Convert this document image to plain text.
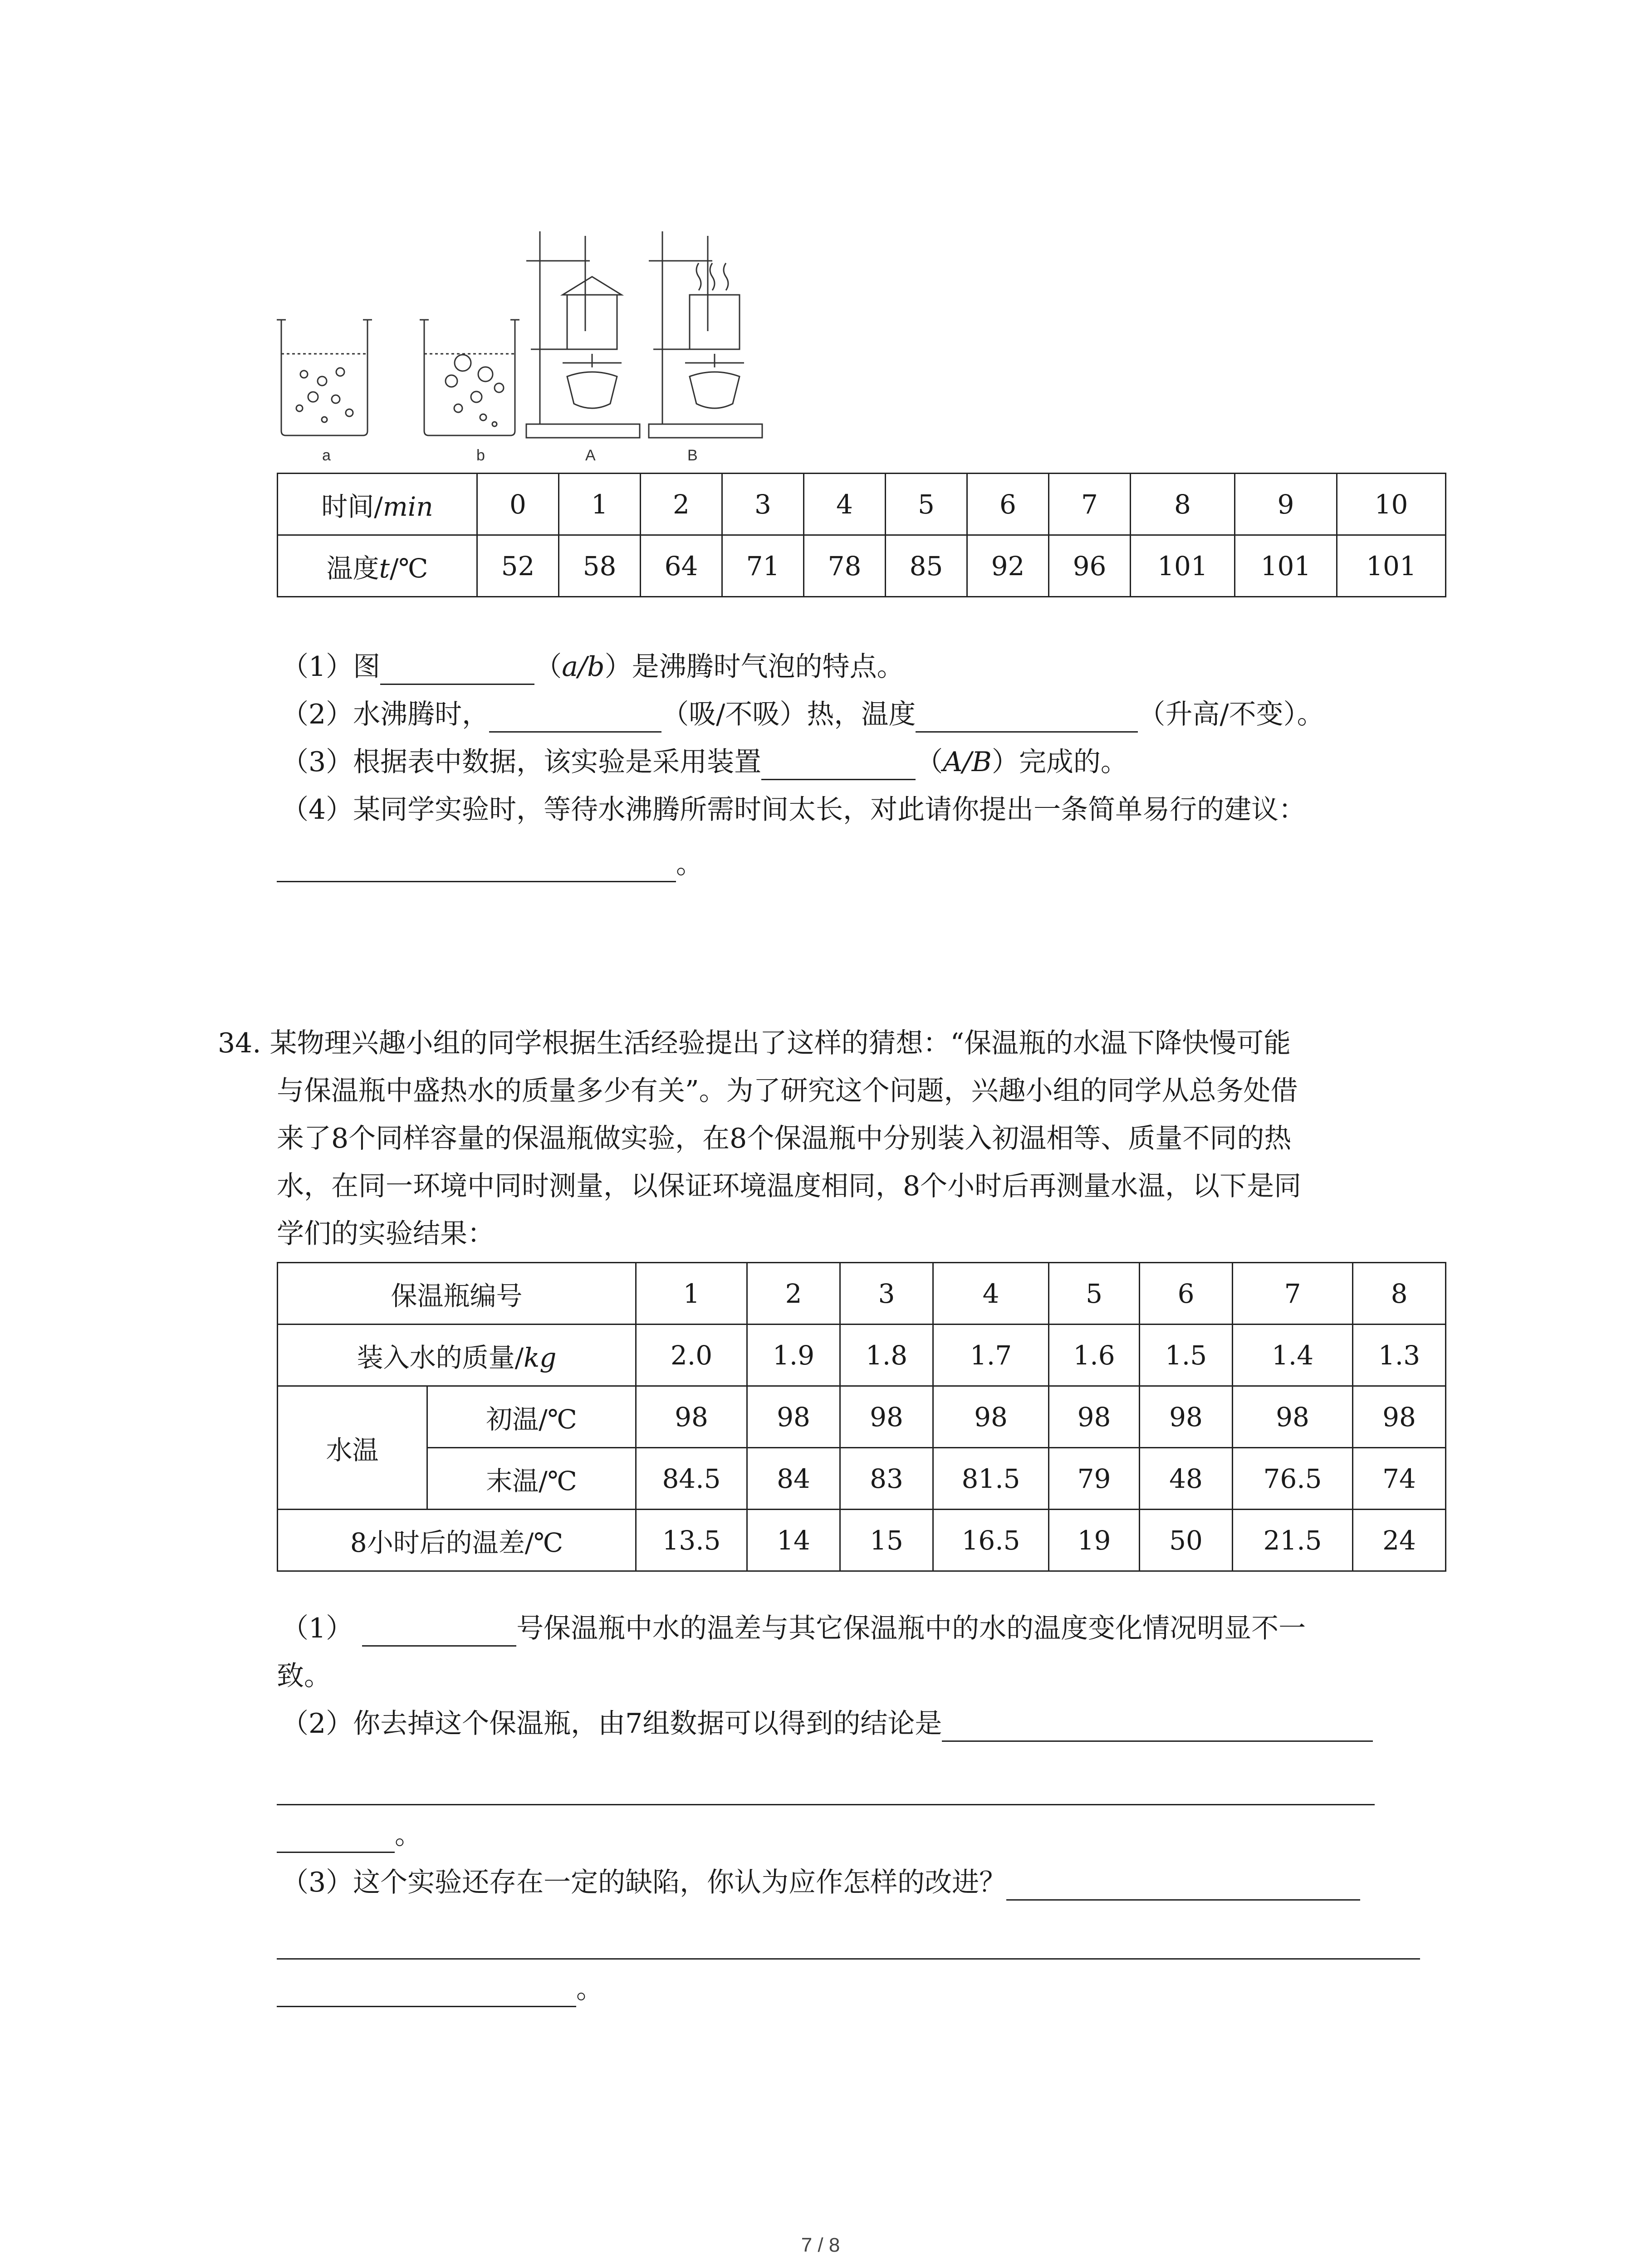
a	b	A	B
时间/min	0	1	2	3	4	5	6	7	8	9	10
温度t/℃	52	58	64	71	78	85	92	96	101	101	101
（1）图	（a/b）是沸腾时气泡的特点。
（2）水沸腾时，	（吸/不吸）热，温度	（升高/不变）。
（3）根据表中数据，该实验是采用装置	（A/B）完成的。
（4）某同学实验时，等待水沸腾所需时间太长，对此请你提出一条简单易行的建议：
。
34. 某物理兴趣小组的同学根据生活经验提出了这样的猜想：“保温瓶的水温下降快慢可能
与保温瓶中盛热水的质量多少有关”。为了研究这个问题，兴趣小组的同学从总务处借
来了8个同样容量的保温瓶做实验，在8个保温瓶中分别装入初温相等、质量不同的热
水，在同一环境中同时测量，以保证环境温度相同，8个小时后再测量水温，以下是同
学们的实验结果：
保温瓶编号		1	2	3	4	5	6	7	8
装入水的质量/kg		2.0	1.9	1.8	1.7	1.6	1.5	1.4	1.3
水温	初温/℃	98	98	98	98	98	98	98	98
	末温/℃	84.5	84	83	81.5	79	48	76.5	74
8小时后的温差/℃		13.5	14	15	16.5	19	50	21.5	24
（1）	号保温瓶中水的温差与其它保温瓶中的水的温度变化情况明显不一
致。
（2）你去掉这个保温瓶，由7组数据可以得到的结论是
。
（3）这个实验还存在一定的缺陷，你认为应作怎样的改进？
。
7 / 8
